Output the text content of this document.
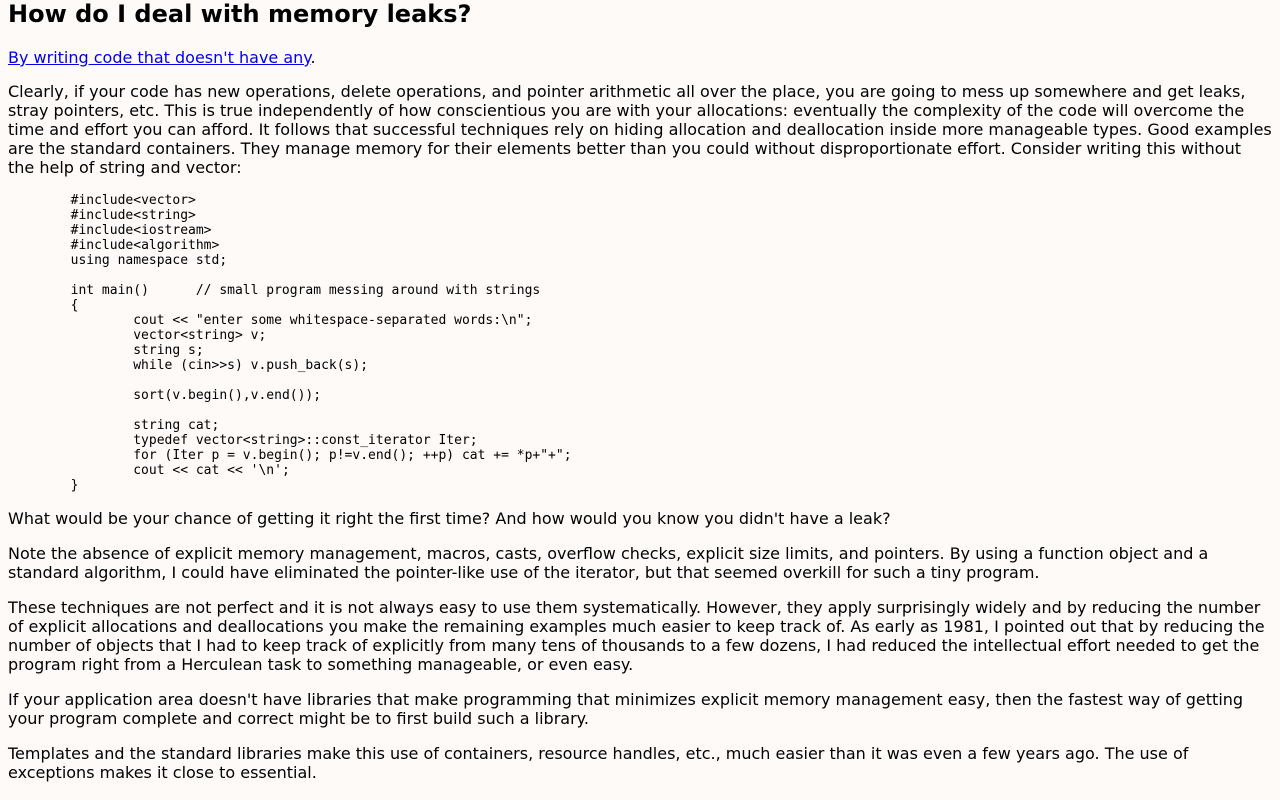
How do I deal with memory leaks?

By writing code that doesn't have any.

Clearly, if your code has new operations, delete operations, and pointer arithmetic all over the place, you are going to mess up somewhere and get leaks, stray pointers, etc. This is true independently of how conscientious you are with your allocations: eventually the complexity of the code will overcome the time and effort you can afford. It follows that successful techniques rely on hiding allocation and deallocation inside more manageable types. Good examples are the standard containers. They manage memory for their elements better than you could without disproportionate effort. Consider writing this without the help of string and vector:

	#include<vector>
	#include<string>
	#include<iostream>
	#include<algorithm>
	using namespace std;
	int main()	// small program messing around with strings
	{
		cout << "enter some whitespace-separated words:\n";
		vector<string> v;
		string s;
		while (cin>>s) v.push_back(s);
		sort(v.begin(),v.end());
		string cat;
		typedef vector<string>::const_iterator Iter;
		for (Iter p = v.begin(); p!=v.end(); ++p) cat += *p+"+";
		cout << cat << '\n';
	}

What would be your chance of getting it right the first time? And how would you know you didn't have a leak?

Note the absence of explicit memory management, macros, casts, overflow checks, explicit size limits, and pointers. By using a function object and a standard algorithm, I could have eliminated the pointer-like use of the iterator, but that seemed overkill for such a tiny program.

These techniques are not perfect and it is not always easy to use them systematically. However, they apply surprisingly widely and by reducing the number of explicit allocations and deallocations you make the remaining examples much easier to keep track of. As early as 1981, I pointed out that by reducing the number of objects that I had to keep track of explicitly from many tens of thousands to a few dozens, I had reduced the intellectual effort needed to get the program right from a Herculean task to something manageable, or even easy.

If your application area doesn't have libraries that make programming that minimizes explicit memory management easy, then the fastest way of getting your program complete and correct might be to first build such a library.

Templates and the standard libraries make this use of containers, resource handles, etc., much easier than it was even a few years ago. The use of exceptions makes it close to essential.
